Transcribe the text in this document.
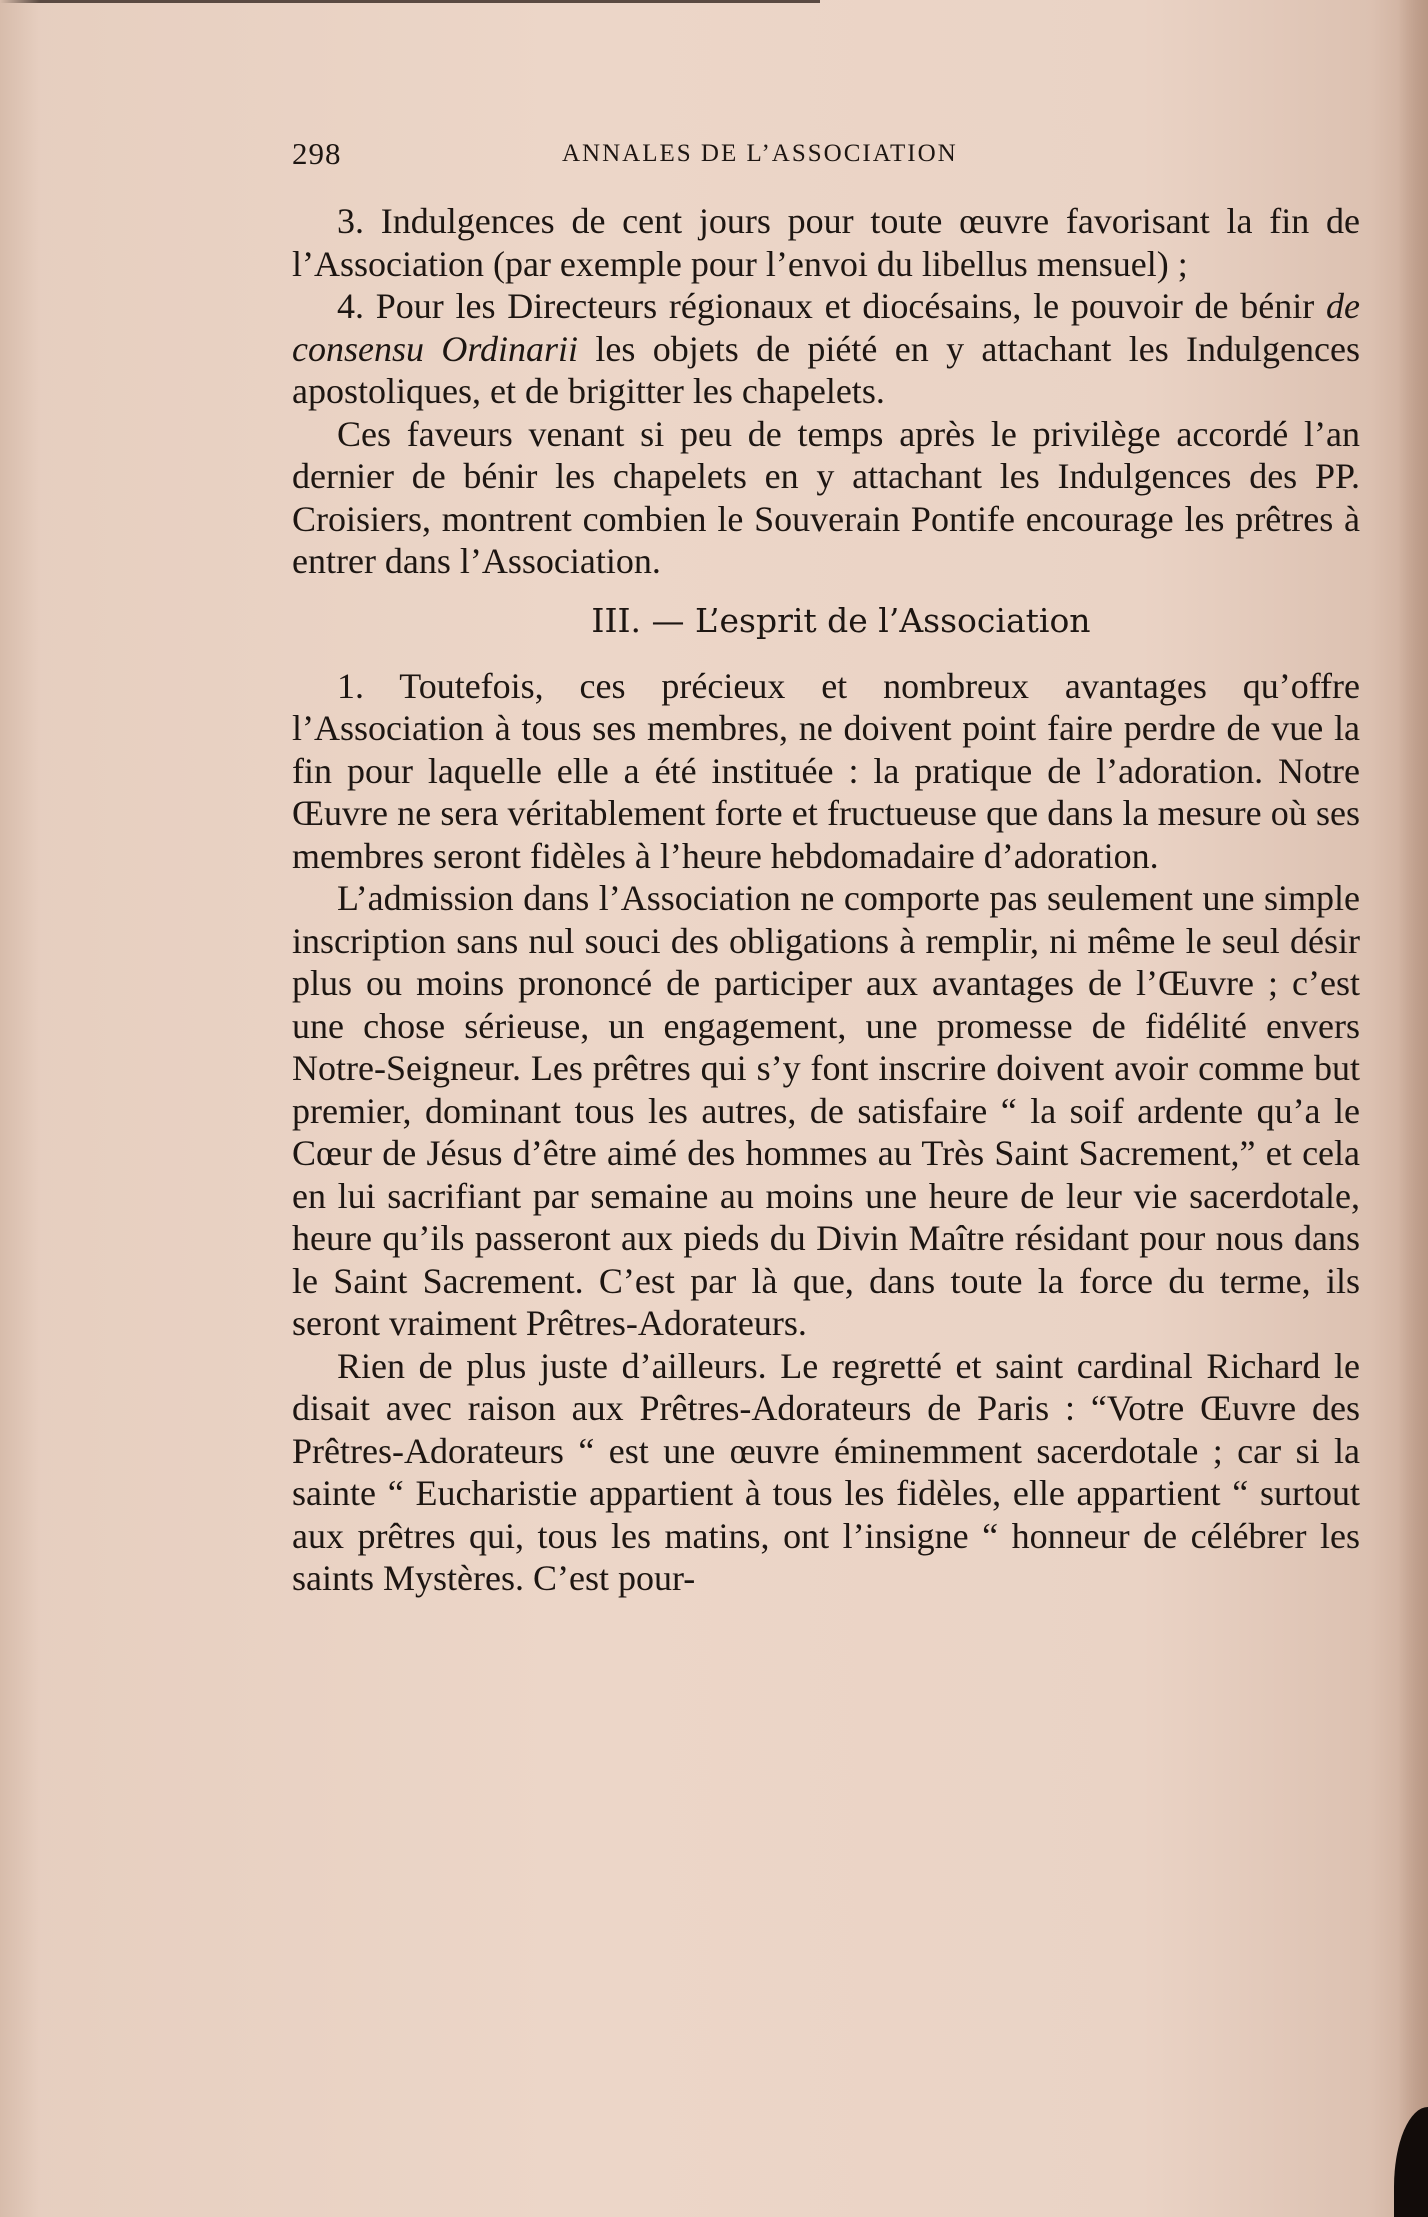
298	ANNALES DE L’ASSOCIATION

3. Indulgences de cent jours pour toute œuvre favorisant la fin de l’Association (par exemple pour l’envoi du libellus mensuel) ;

4. Pour les Directeurs régionaux et diocésains, le pouvoir de bénir de consensu Ordinarii les objets de piété en y attachant les Indulgences apostoliques, et de brigitter les chapelets.

Ces faveurs venant si peu de temps après le privilège accordé l’an dernier de bénir les chapelets en y attachant les Indulgences des PP. Croisiers, montrent combien le Souverain Pontife encourage les prêtres à entrer dans l’Association.

III. — L’esprit de l’Association

1. Toutefois, ces précieux et nombreux avantages qu’offre l’Association à tous ses membres, ne doivent point faire perdre de vue la fin pour laquelle elle a été instituée : la pratique de l’adoration. Notre Œuvre ne sera véritablement forte et fructueuse que dans la mesure où ses membres seront fidèles à l’heure hebdomadaire d’adoration.

L’admission dans l’Association ne comporte pas seulement une simple inscription sans nul souci des obligations à remplir, ni même le seul désir plus ou moins prononcé de participer aux avantages de l’Œuvre ; c’est une chose sérieuse, un engagement, une promesse de fidélité envers Notre-Seigneur. Les prêtres qui s’y font inscrire doivent avoir comme but premier, dominant tous les autres, de satisfaire “ la soif ardente qu’a le Cœur de Jésus d’être aimé des hommes au Très Saint Sacrement,” et cela en lui sacrifiant par semaine au moins une heure de leur vie sacerdotale, heure qu’ils passeront aux pieds du Divin Maître résidant pour nous dans le Saint Sacrement. C’est par là que, dans toute la force du terme, ils seront vraiment Prêtres-Adorateurs.

Rien de plus juste d’ailleurs. Le regretté et saint cardinal Richard le disait avec raison aux Prêtres-Adorateurs de Paris : “Votre Œuvre des Prêtres-Adorateurs “ est une œuvre éminemment sacerdotale ; car si la sainte “ Eucharistie appartient à tous les fidèles, elle appartient “ surtout aux prêtres qui, tous les matins, ont l’insigne “ honneur de célébrer les saints Mystères. C’est pour-
